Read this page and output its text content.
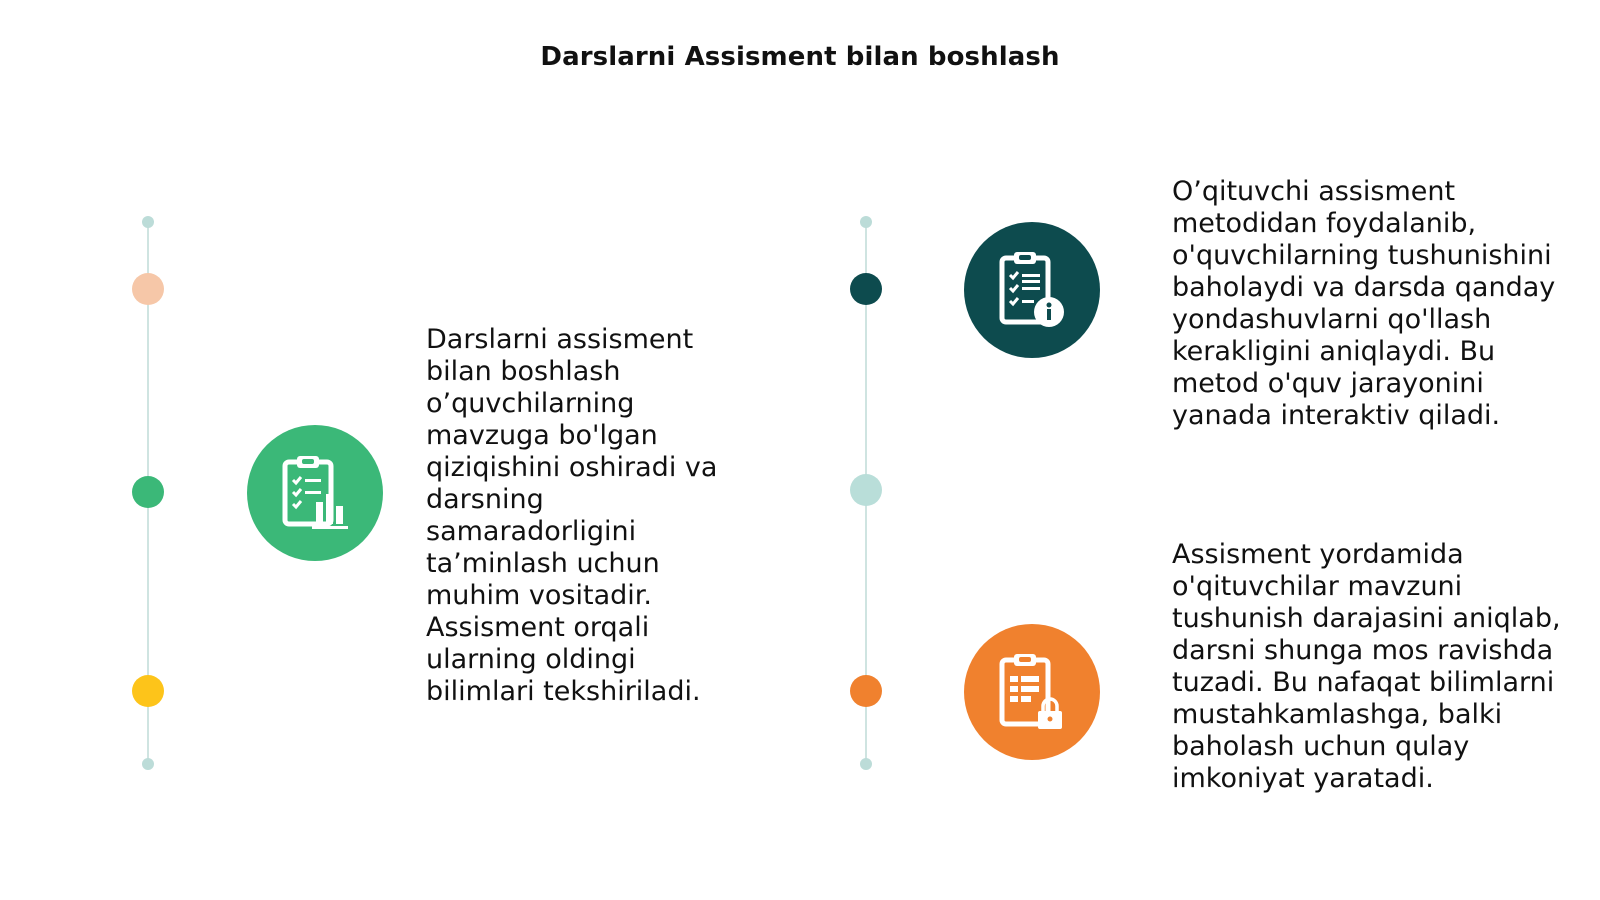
Darslarni Assisment bilan boshlash
Darslarni assisment bilan boshlash o’quvchilarning mavzuga bo'lgan qiziqishini oshiradi va darsning samaradorligini ta’minlash uchun muhim vositadir. Assisment orqali ularning oldingi bilimlari tekshiriladi.
O’qituvchi assisment metodidan foydalanib, o'quvchilarning tushunishini baholaydi va darsda qanday yondashuvlarni qo'llash kerakligini aniqlaydi. Bu metod o'quv jarayonini yanada interaktiv qiladi.
Assisment yordamida o'qituvchilar mavzuni tushunish darajasini aniqlab, darsni shunga mos ravishda tuzadi. Bu nafaqat bilimlarni mustahkamlashga, balki baholash uchun qulay imkoniyat yaratadi.
